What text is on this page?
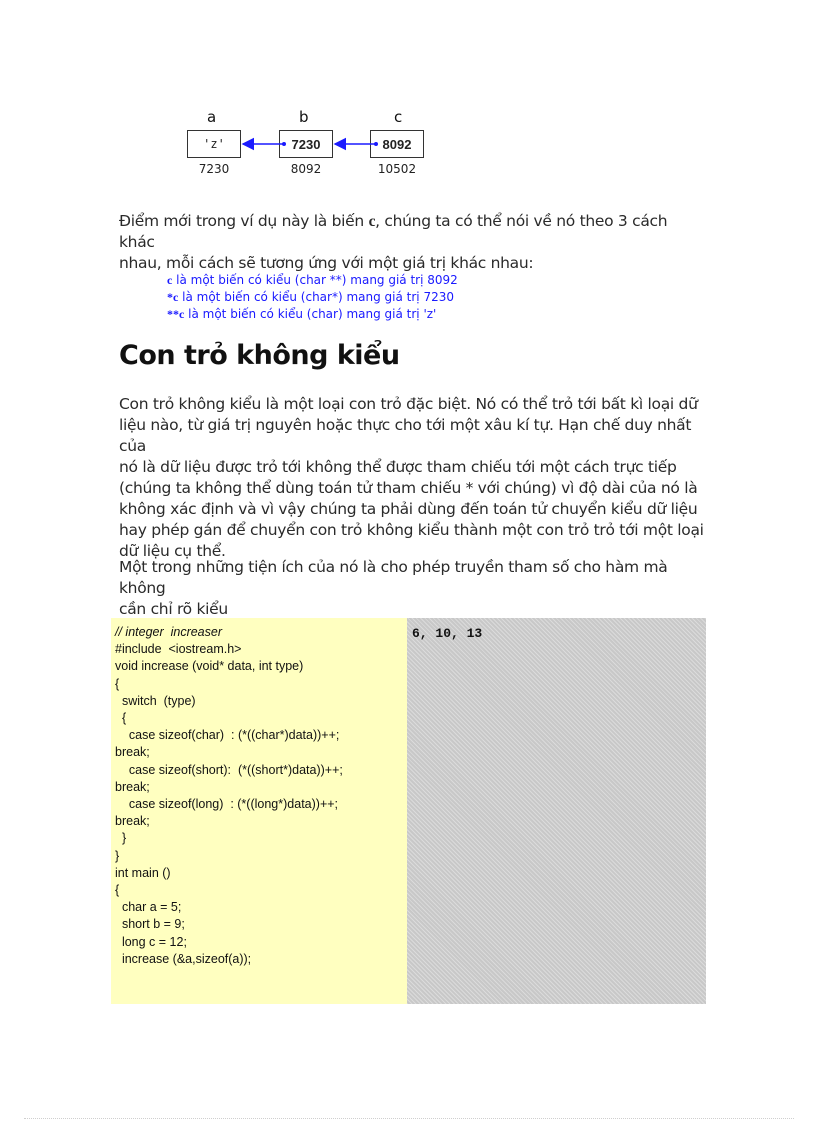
a	b	c
'z'	7230	8092
7230	8092	10502
Điểm mới trong ví dụ này là biến c, chúng ta có thể nói về nó theo 3 cách khác
nhau, mỗi cách sẽ tương ứng với một giá trị khác nhau:
c là một biến có kiểu (char **) mang giá trị 8092
*c là một biến có kiểu (char*) mang giá trị 7230
**c là một biến có kiểu (char) mang giá trị 'z'
Con trỏ không kiểu
Con trỏ không kiểu là một loại con trỏ đặc biệt. Nó có thể trỏ tới bất kì loại dữ
liệu nào, từ giá trị nguyên hoặc thực cho tới một xâu kí tự. Hạn chế duy nhất của
nó là dữ liệu được trỏ tới không thể được tham chiếu tới một cách trực tiếp
(chúng ta không thể dùng toán tử tham chiếu * với chúng) vì độ dài của nó là
không xác định và vì vậy chúng ta phải dùng đến toán tử chuyển kiểu dữ liệu
hay phép gán để chuyển con trỏ không kiểu thành một con trỏ trỏ tới một loại
dữ liệu cụ thể.
Một trong những tiện ích của nó là cho phép truyền tham số cho hàm mà không
cần chỉ rõ kiểu
// integer  increaser
#include  <iostream.h>
void increase (void* data, int type)
{
switch  (type)
{
case sizeof(char)  : (*((char*)data))++;
break;
case sizeof(short):  (*((short*)data))++;
break;
case sizeof(long)  : (*((long*)data))++;
break;
}
}
int main ()
{
char a = 5;
short b = 9;
long c = 12;
increase (&a,sizeof(a));
6, 10, 13
